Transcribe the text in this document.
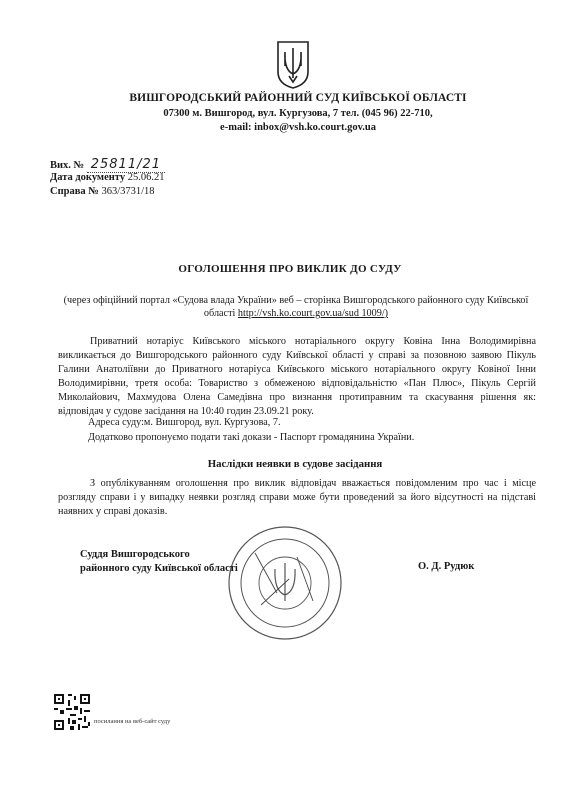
ВИШГОРОДСЬКИЙ РАЙОННИЙ СУД КИЇВСЬКОЇ ОБЛАСТІ
07300 м. Вишгород, вул. Кургузова, 7 тел. (045 96) 22-710,
e-mail: inbox@vsh.ko.court.gov.ua
Вих. № 25811/21
Дата документу 25.06.21
Справа № 363/3731/18
ОГОЛОШЕННЯ ПРО ВИКЛИК ДО СУДУ
(через офіційний портал «Судова влада України» веб – сторінка Вишгородського районного суду Київської області http://vsh.ko.court.gov.ua/sud 1009/)
Приватний нотаріус Київського міського нотаріального округу Ковіна Інна Володимирівна викликається до Вишгородського районного суду Київської області у справі за позовною заявою Пікуль Галини Анатоліївни до Приватного нотаріуса Київського міського нотаріального округу Ковіної Інни Володимирівни, третя особа: Товариство з обмеженою відповідальністю «Пан Плюс», Пікуль Сергій Миколайович, Махмудова Олена Самедівна про визнання протиправним та скасування рішення як: відповідач у судове засідання на 10:40 годин 23.09.21 року.
Адреса суду:м. Вишгород, вул. Кургузова, 7.
Додатково пропонуємо подати такі докази - Паспорт громадянина України.
Наслідки неявки в судове засідання
З опублікуванням оголошення про виклик відповідач вважається повідомленим про час і місце розгляду справи і у випадку неявки розгляд справи може бути проведений за його відсутності на підставі наявних у справі доказів.
Суддя Вишгородського
районного суду Київської області	О. Д. Рудюк
посилання на веб-сайт суду
